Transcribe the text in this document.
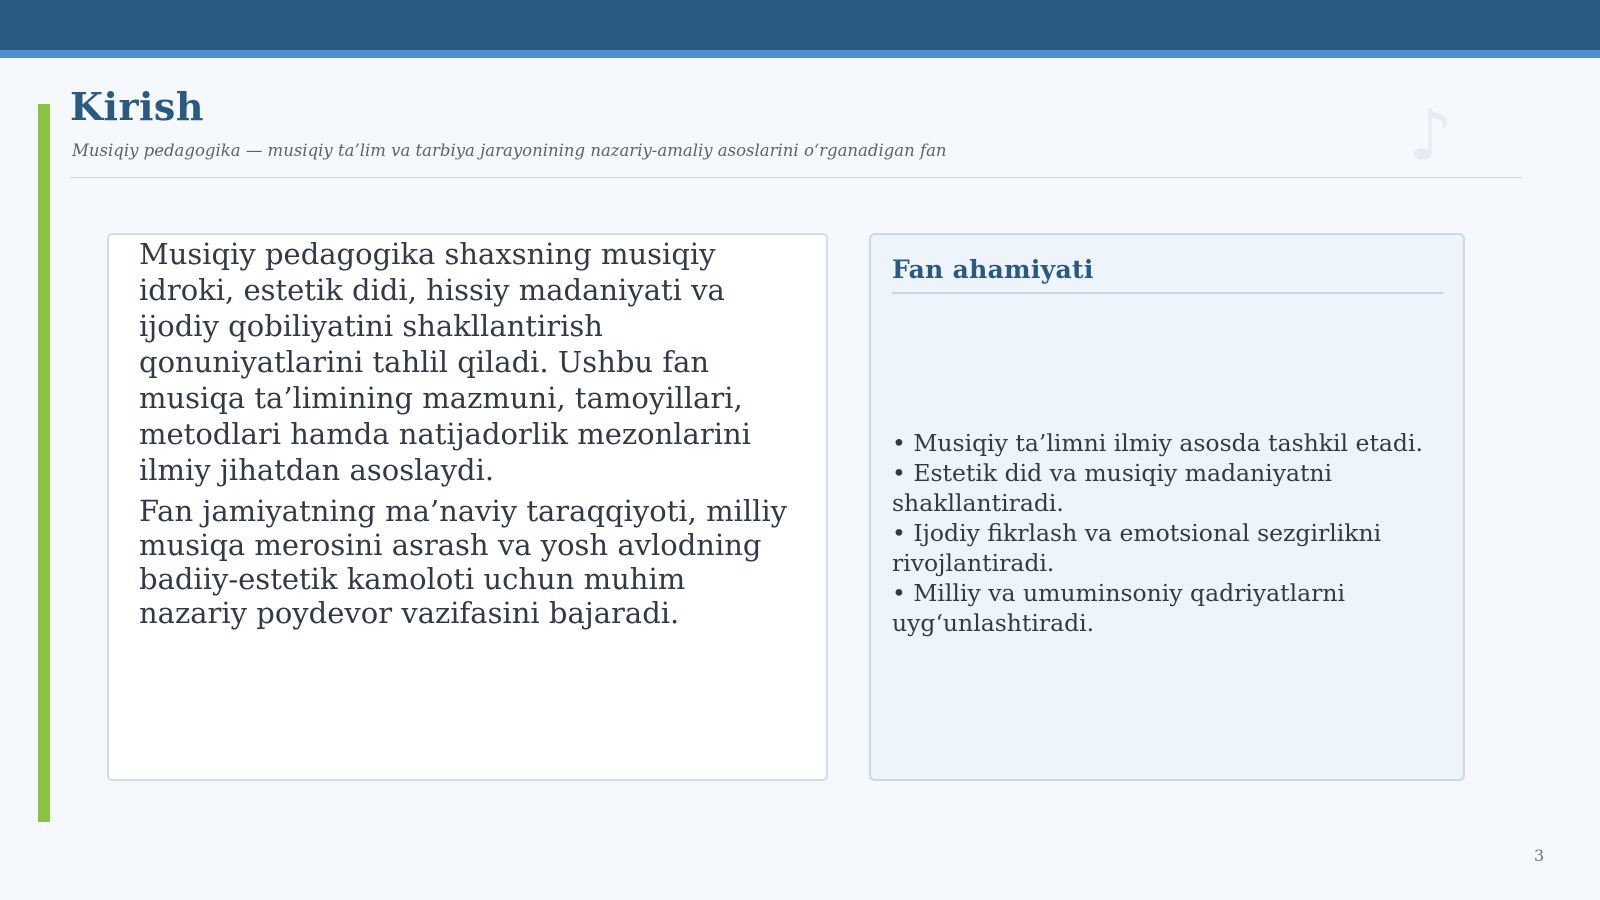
Kirish
Musiqiy pedagogika — musiqiy ta’lim va tarbiya jarayonining nazariy-amaliy asoslarini o‘rganadigan fan	♪

Musiqiy pedagogika shaxsning musiqiy idroki, estetik didi, hissiy madaniyati va ijodiy qobiliyatini shakllantirish qonuniyatlarini tahlil qiladi. Ushbu fan musiqa ta’limining mazmuni, tamoyillari, metodlari hamda natijadorlik mezonlarini ilmiy jihatdan asoslaydi.

Fan jamiyatning ma’naviy taraqqiyoti, milliy musiqa merosini asrash va yosh avlodning badiiy-estetik kamoloti uchun muhim nazariy poydevor vazifasini bajaradi.

Fan ahamiyati
• Musiqiy ta’limni ilmiy asosda tashkil etadi.
• Estetik did va musiqiy madaniyatni shakllantiradi.
• Ijodiy fikrlash va emotsional sezgirlikni rivojlantiradi.
• Milliy va umuminsoniy qadriyatlarni uyg‘unlashtiradi.
3
